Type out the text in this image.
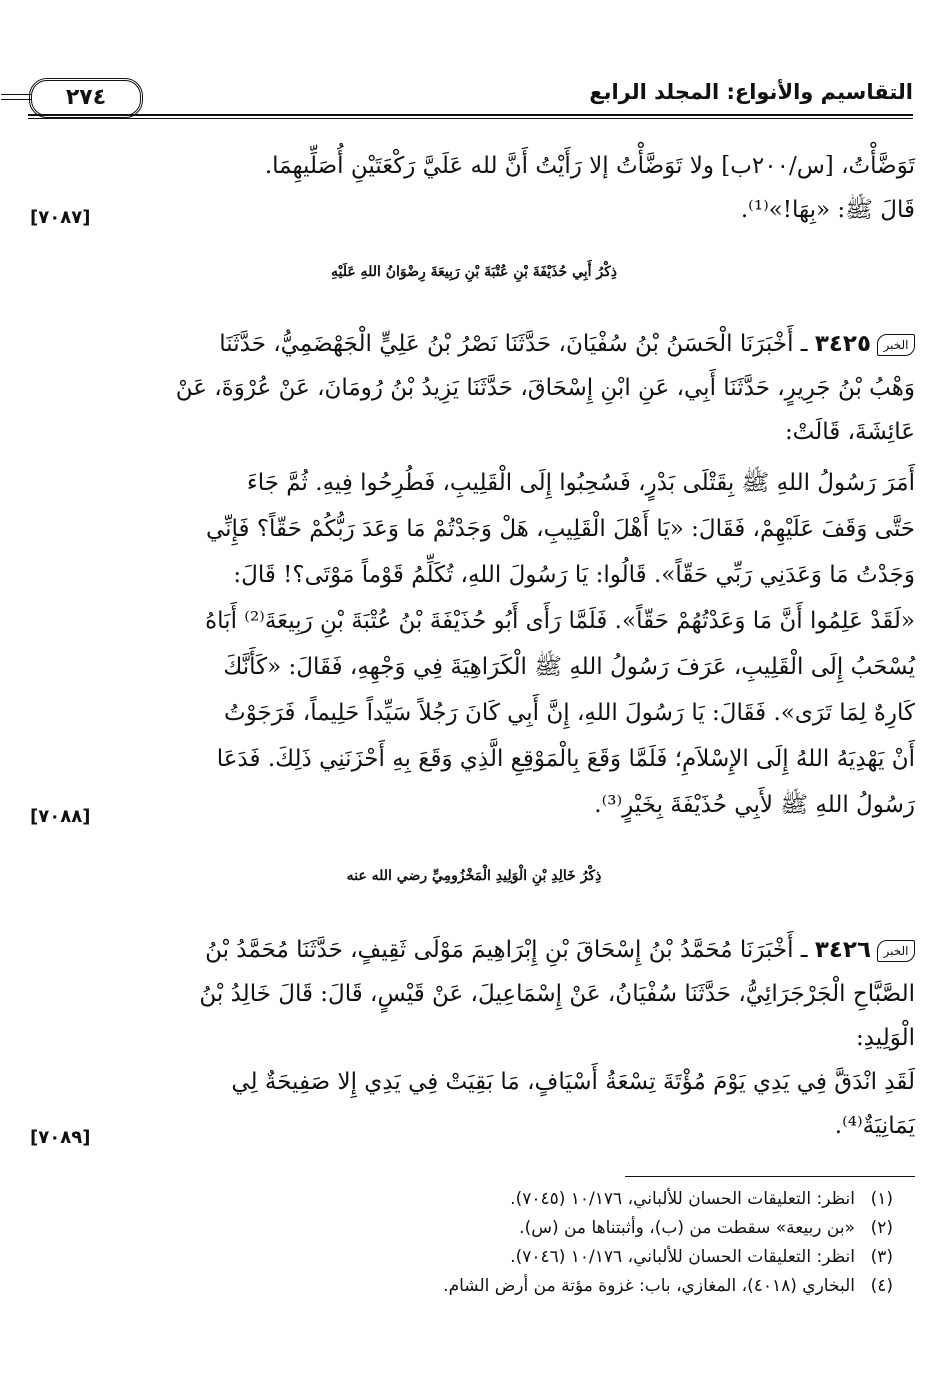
التقاسيم والأنواع: المجلد الرابع
٢٧٤
تَوَضَّأْتُ، [س/٢٠٠ب] ولا تَوَضَّأْتُ إلا رَأَيْتُ أَنَّ لله عَلَيَّ رَكْعَتَيْنِ أُصَلِّيهِمَا.
قَالَ ﷺ: «بِهَا!»⁽¹⁾.
[٧٠٨٧]
ذِكْرُ أَبِي حُذَيْفَةَ بْنِ عُتْبَةَ بْنِ رَبِيعَةَ رِضْوَانُ اللهِ عَلَيْهِ
الخبر٣٤٢٥ ـ أَخْبَرَنَا الْحَسَنُ بْنُ سُفْيَانَ، حَدَّثَنَا نَصْرُ بْنُ عَلِيٍّ الْجَهْضَمِيُّ، حَدَّثَنَا
وَهْبُ بْنُ جَرِيرٍ، حَدَّثَنَا أَبِي، عَنِ ابْنِ إِسْحَاقَ، حَدَّثَنَا يَزِيدُ بْنُ رُومَانَ، عَنْ عُرْوَةَ، عَنْ
عَائِشَةَ، قَالَتْ:
أَمَرَ رَسُولُ اللهِ ﷺ بِقَتْلَى بَدْرٍ، فَسُحِبُوا إِلَى الْقَلِيبِ، فَطُرِحُوا فِيهِ. ثُمَّ جَاءَ
حَتَّى وَقَفَ عَلَيْهِمْ، فَقَالَ: «يَا أَهْلَ الْقَلِيبِ، هَلْ وَجَدْتُمْ مَا وَعَدَ رَبُّكُمْ حَقّاً؟ فَإِنِّي
وَجَدْتُ مَا وَعَدَنِي رَبِّي حَقّاً». قَالُوا: يَا رَسُولَ اللهِ، تُكَلِّمُ قَوْماً مَوْتَى؟! قَالَ:
«لَقَدْ عَلِمُوا أَنَّ مَا وَعَدْتُهُمْ حَقّاً». فَلَمَّا رَأَى أَبُو حُذَيْفَةَ بْنُ عُتْبَةَ بْنِ رَبِيعَةَ⁽²⁾ أَبَاهُ
يُسْحَبُ إِلَى الْقَلِيبِ، عَرَفَ رَسُولُ اللهِ ﷺ الْكَرَاهِيَةَ فِي وَجْهِهِ، فَقَالَ: «كَأَنَّكَ
كَارِهٌ لِمَا تَرَى». فَقَالَ: يَا رَسُولَ اللهِ، إِنَّ أَبِي كَانَ رَجُلاً سَيِّداً حَلِيماً، فَرَجَوْتُ
أَنْ يَهْدِيَهُ اللهُ إِلَى الإِسْلاَمِ؛ فَلَمَّا وَقَعَ بِالْمَوْقِعِ الَّذِي وَقَعَ بِهِ أَحْزَنَنِي ذَلِكَ. فَدَعَا
رَسُولُ اللهِ ﷺ لأَبِي حُذَيْفَةَ بِخَيْرٍ⁽³⁾.
[٧٠٨٨]
ذِكْرُ خَالِدِ بْنِ الْوَلِيدِ الْمَخْزُومِيِّ رضي الله عنه
الخبر٣٤٢٦ ـ أَخْبَرَنَا مُحَمَّدُ بْنُ إِسْحَاقَ بْنِ إِبْرَاهِيمَ مَوْلَى ثَقِيفٍ، حَدَّثَنَا مُحَمَّدُ بْنُ
الصَّبَّاحِ الْجَرْجَرَائِيُّ، حَدَّثَنَا سُفْيَانُ، عَنْ إِسْمَاعِيلَ، عَنْ قَيْسٍ، قَالَ: قَالَ خَالِدُ بْنُ
الْوَلِيدِ:
لَقَدِ انْدَقَّ فِي يَدِي يَوْمَ مُؤْتَةَ تِسْعَةُ أَسْيَافٍ، مَا بَقِيَتْ فِي يَدِي إِلا صَفِيحَةٌ لِي
يَمَانِيَةٌ⁽⁴⁾.
[٧٠٨٩]
(١)انظر: التعليقات الحسان للألباني، ١٠/١٧٦ (٧٠٤٥).
(٢)«بن ربيعة» سقطت من (ب)، وأثبتناها من (س).
(٣)انظر: التعليقات الحسان للألباني، ١٠/١٧٦ (٧٠٤٦).
(٤)البخاري (٤٠١٨)، المغازي، باب: غزوة مؤتة من أرض الشام.
